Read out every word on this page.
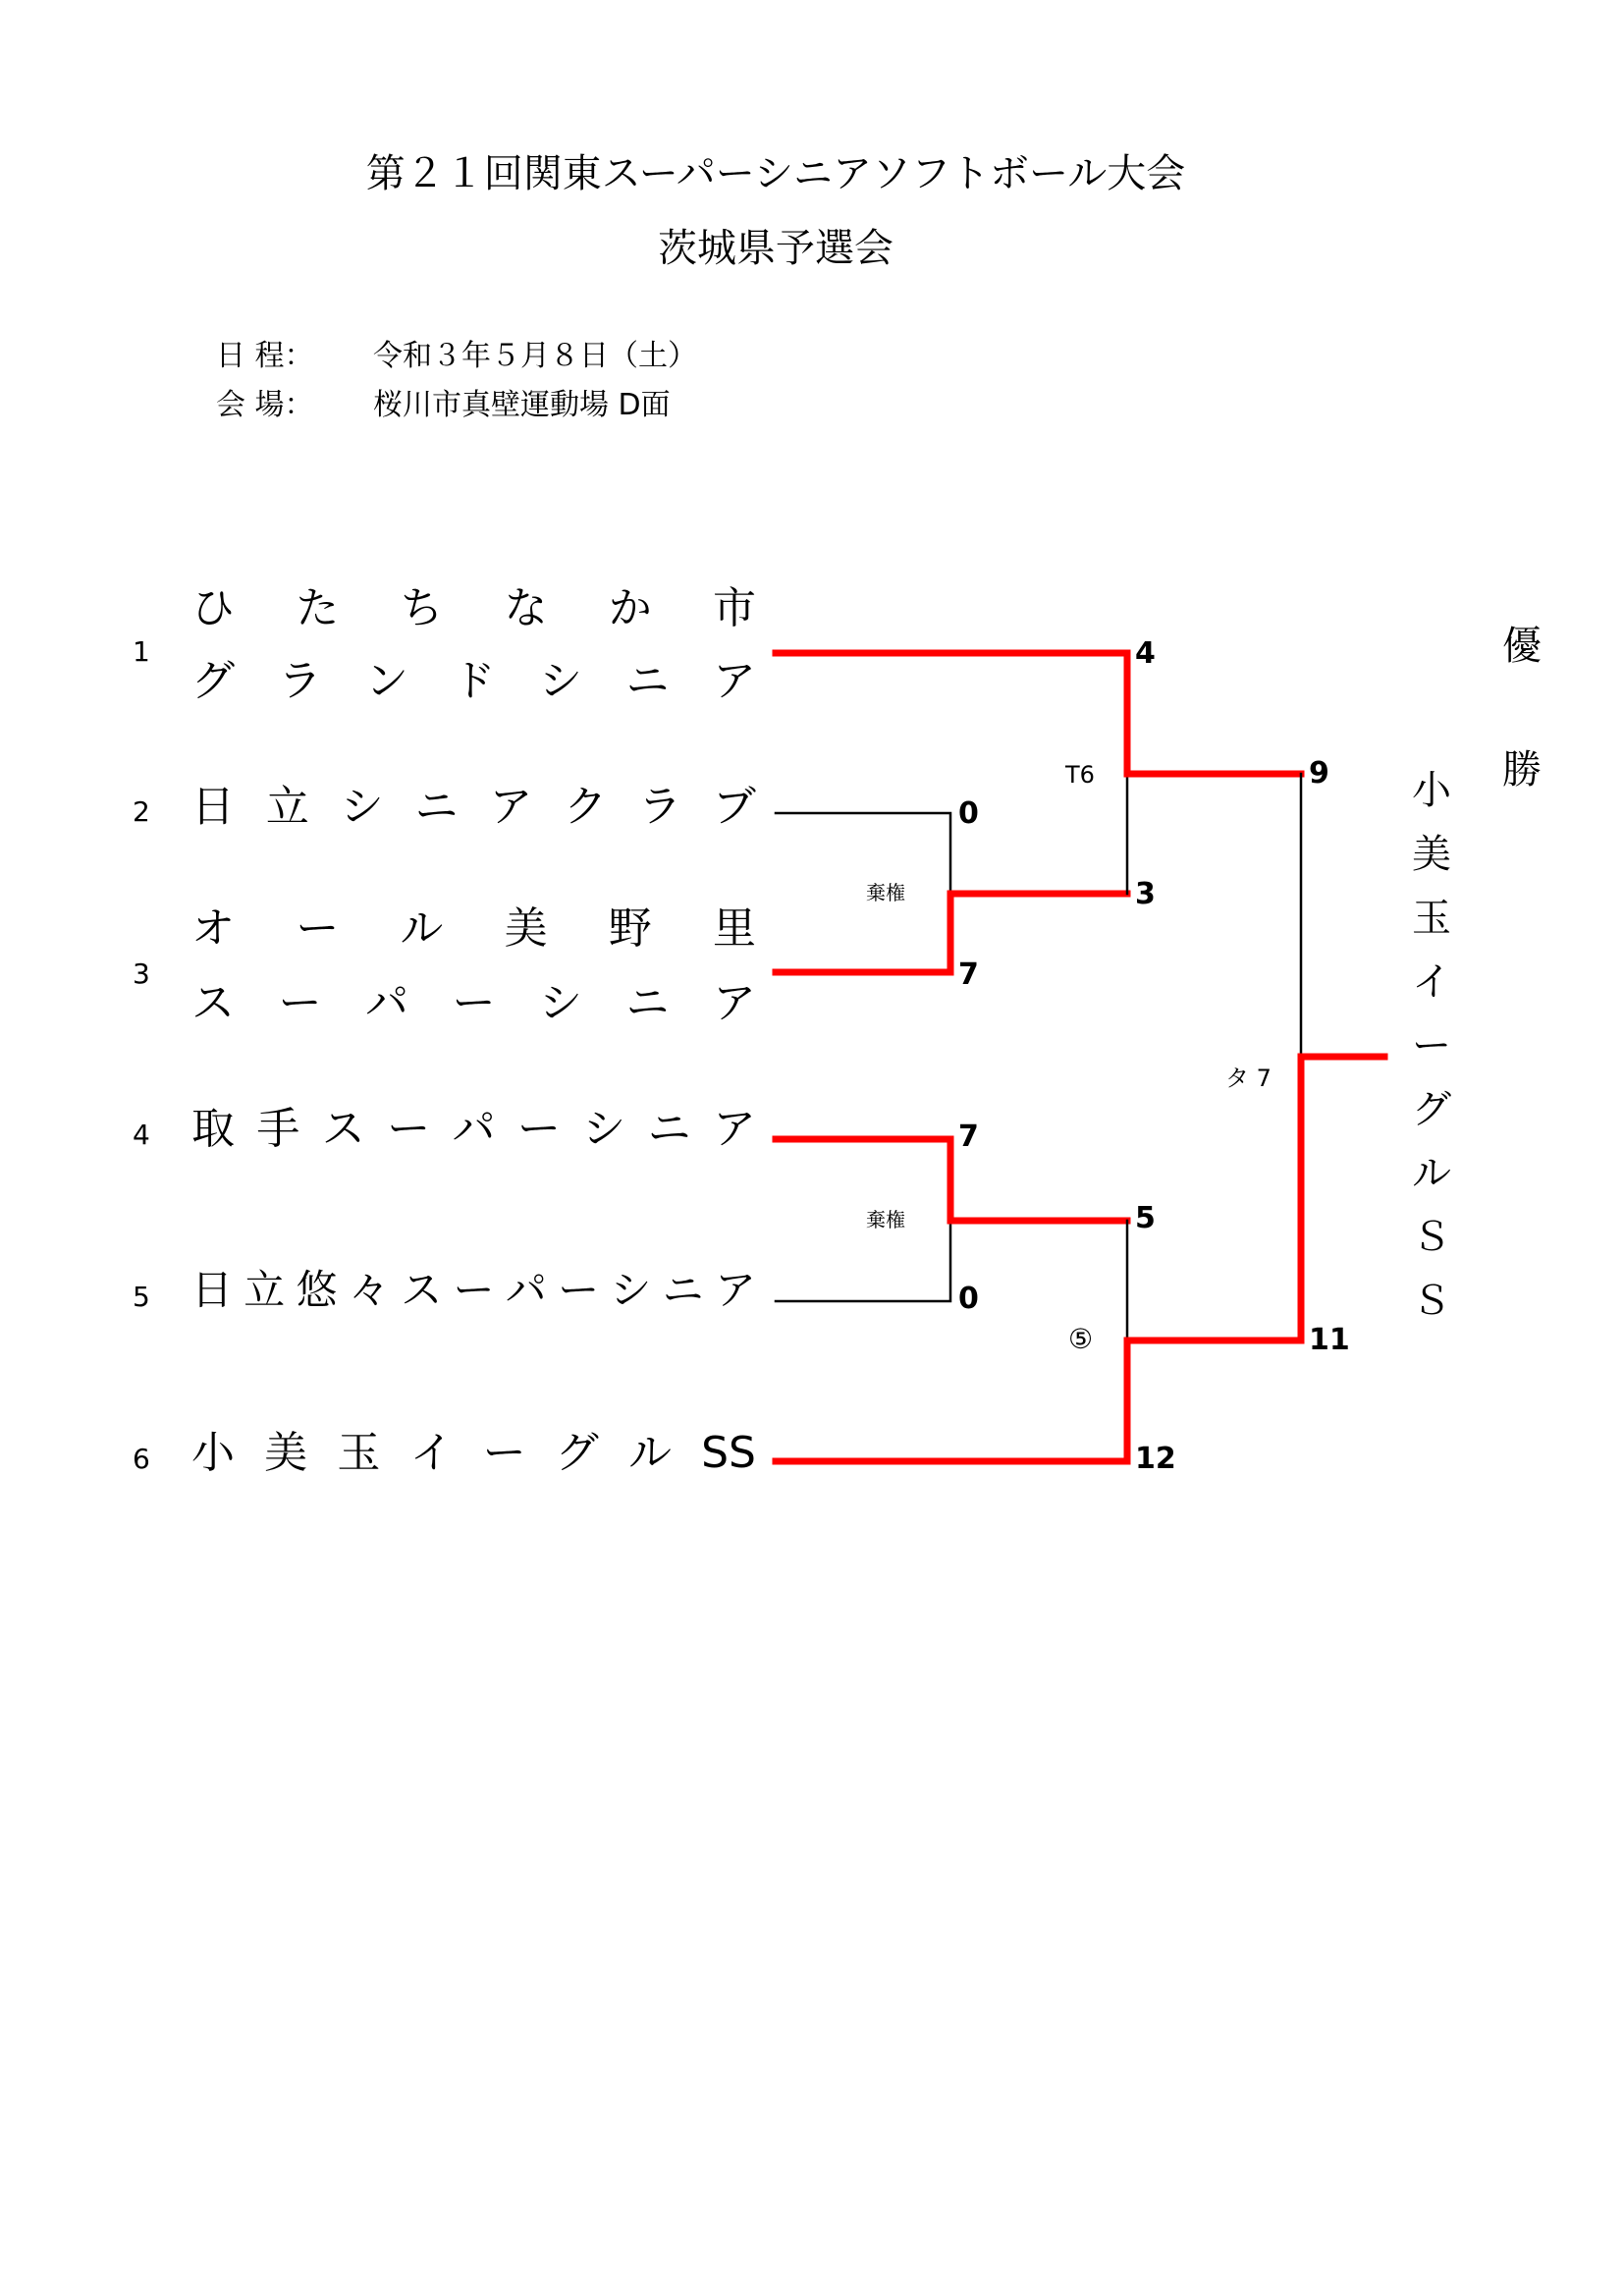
第２１回関東スーパーシニアソフトボール大会
茨城県予選会
日 程： 令和３年５月８日（土）
会 場： 桜川市真壁運動場 D面
1
ひ た ち な か 市
グ ラ ン ド シ ニ ア
2 日 立 シ ニ ア ク ラ ブ
3
オ ー ル 美 野 里
ス ー パ ー シ ニ ア
4 取 手 ス ー パ ー シ ニ ア
5 日 立 悠 々 ス ー パ ー シ ニ ア
6 小 美 玉 イ ー グ ル SS
0
7
7
0
4
3
5
12
9
11
棄権
棄権
T6
⑤
タ 7
優
勝
小
美
玉
イ
ー
グ
ル
Ｓ
Ｓ
